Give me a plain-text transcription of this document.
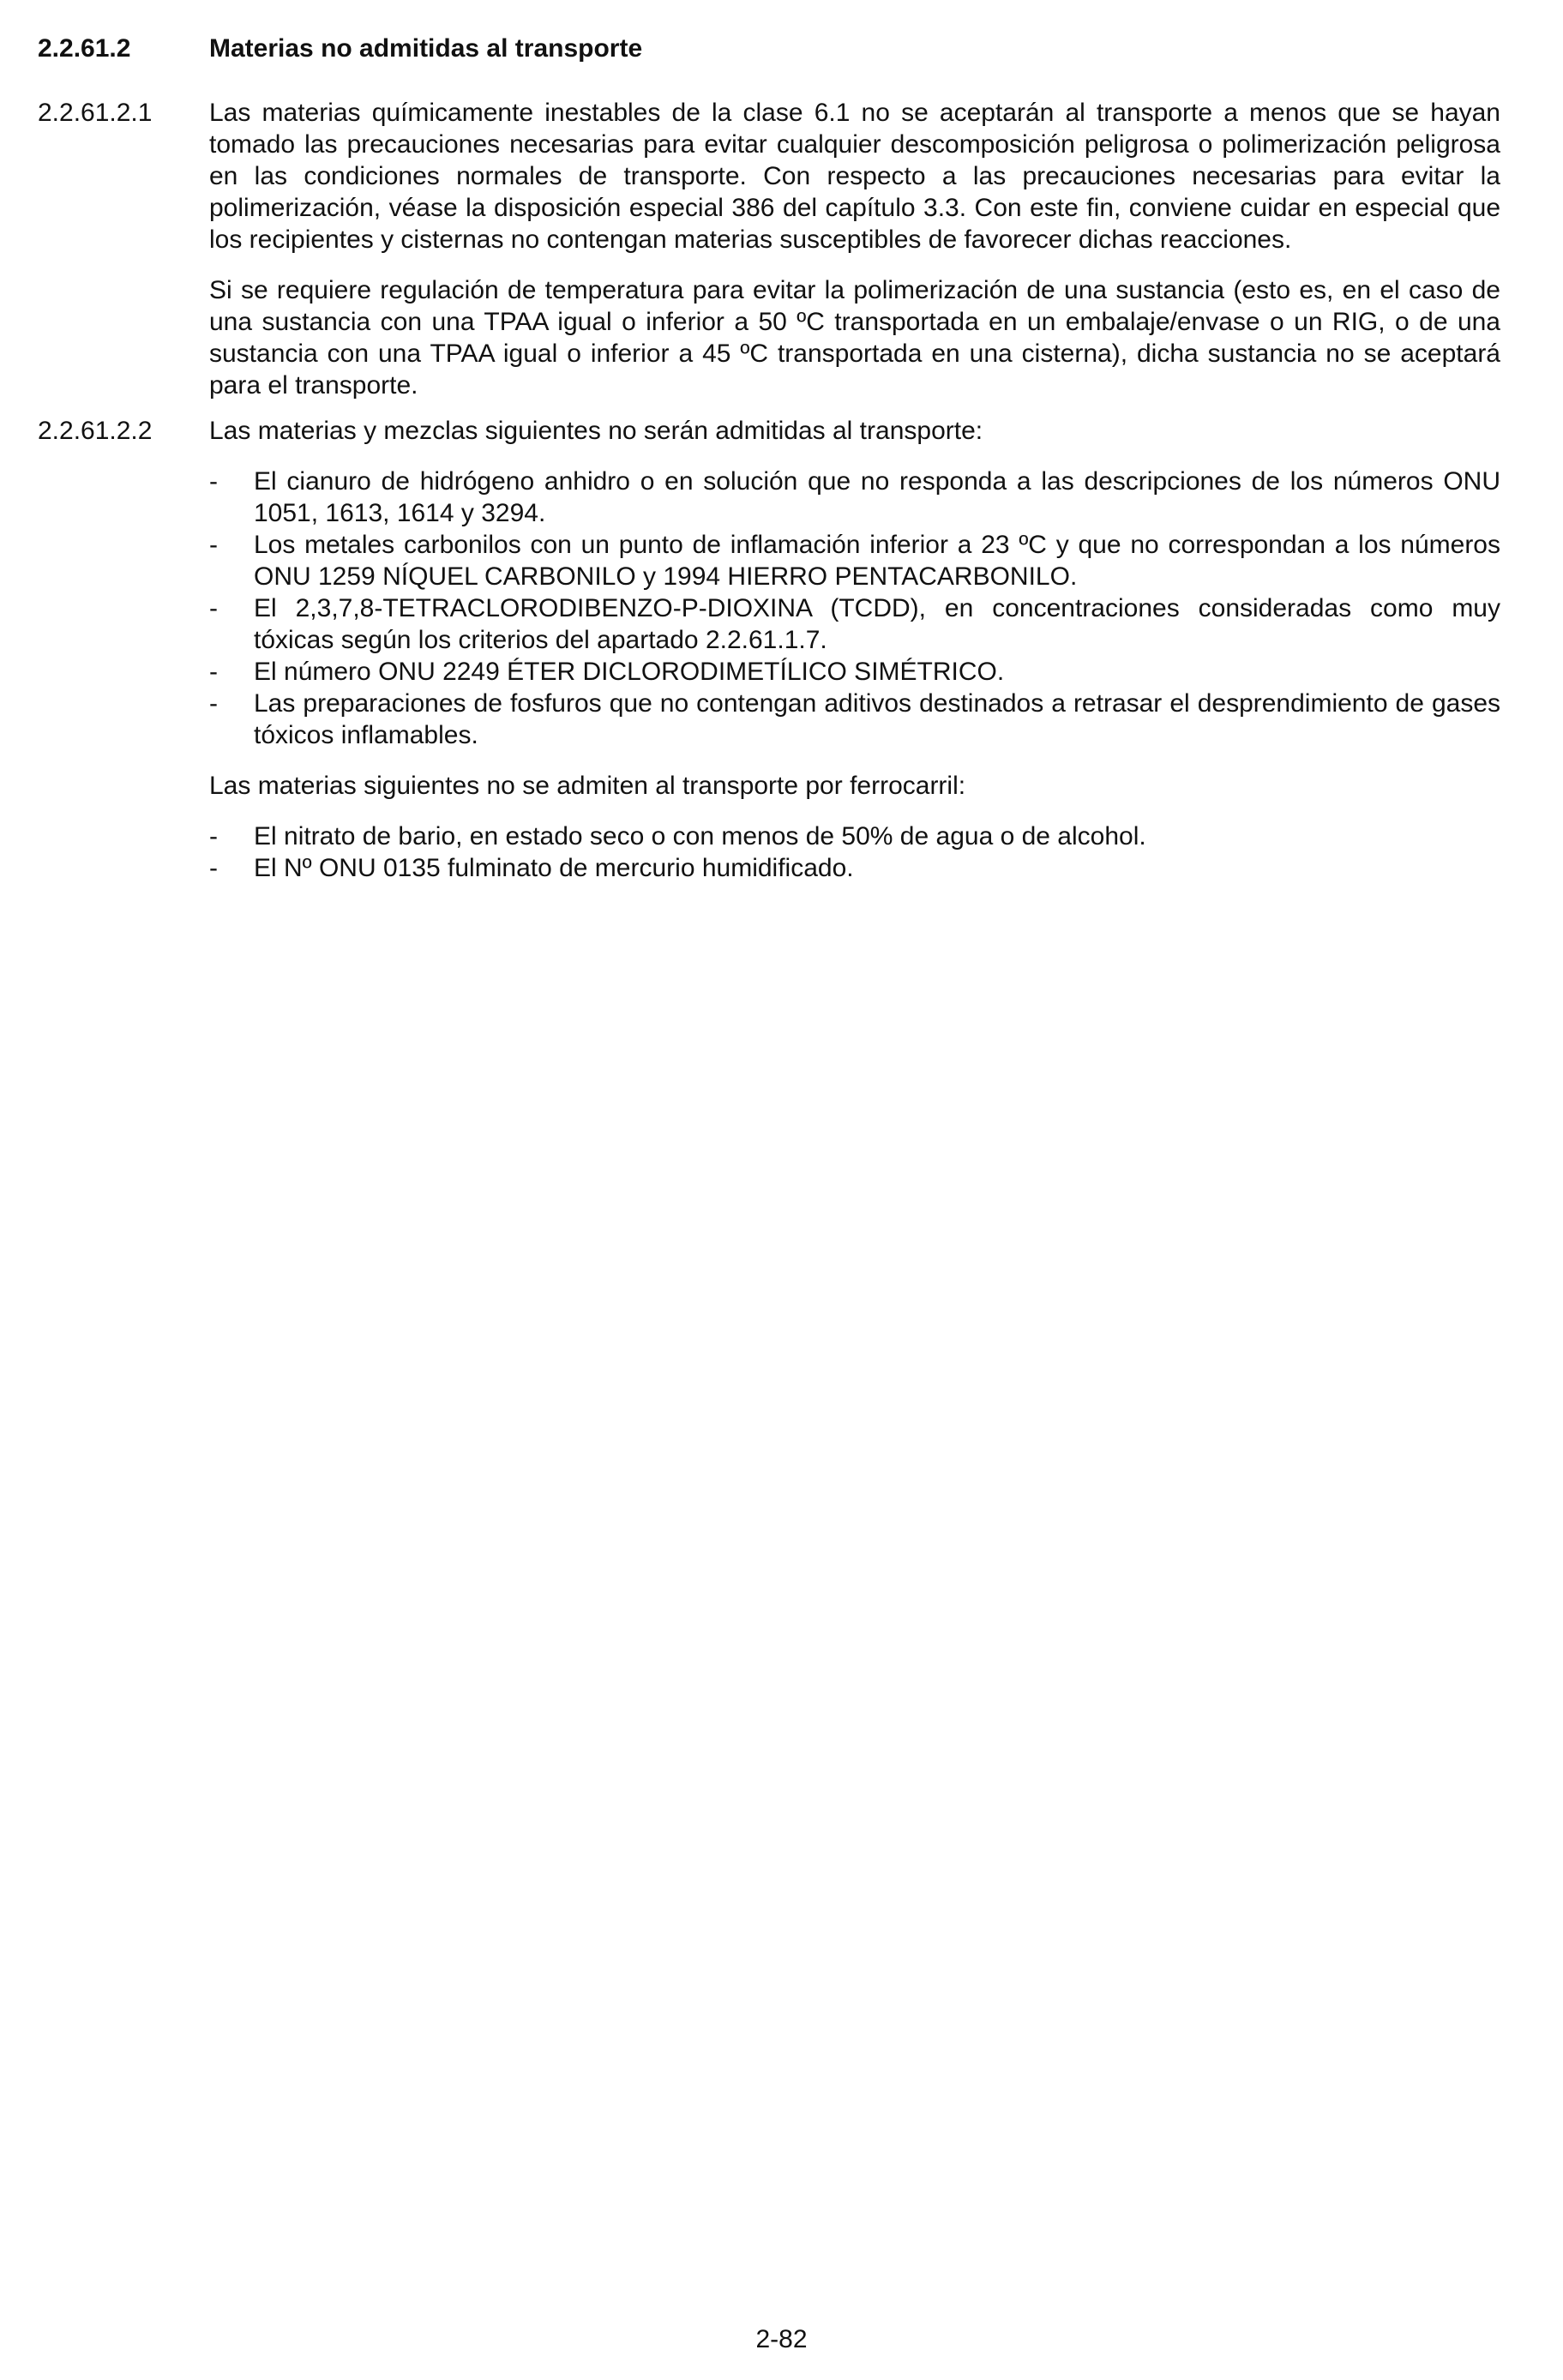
2.2.61.2	Materias no admitidas al transporte
2.2.61.2.1 Las materias químicamente inestables de la clase 6.1 no se aceptarán al transporte a menos que se hayan tomado las precauciones necesarias para evitar cualquier descomposición peligrosa o polimerización peligrosa en las condiciones normales de transporte. Con respecto a las precauciones necesarias para evitar la polimerización, véase la disposición especial 386 del capítulo 3.3. Con este fin, conviene cuidar en especial que los recipientes y cisternas no contengan materias susceptibles de favorecer dichas reacciones.

Si se requiere regulación de temperatura para evitar la polimerización de una sustancia (esto es, en el caso de una sustancia con una TPAA igual o inferior a 50 ºC transportada en un embalaje/envase o un RIG, o de una sustancia con una TPAA igual o inferior a 45 ºC transportada en una cisterna), dicha sustancia no se aceptará para el transporte.

2.2.61.2.2 Las materias y mezclas siguientes no serán admitidas al transporte:

- El cianuro de hidrógeno anhidro o en solución que no responda a las descripciones de los números ONU 1051, 1613, 1614 y 3294.
- Los metales carbonilos con un punto de inflamación inferior a 23 ºC y que no correspondan a los números ONU 1259 NÍQUEL CARBONILO y 1994 HIERRO PENTACARBONILO.
- El 2,3,7,8-TETRACLORODIBENZO-P-DIOXINA (TCDD), en concentraciones consideradas como muy tóxicas según los criterios del apartado 2.2.61.1.7.
- El número ONU 2249 ÉTER DICLORODIMETÍLICO SIMÉTRICO.
- Las preparaciones de fosfuros que no contengan aditivos destinados a retrasar el desprendimiento de gases tóxicos inflamables.

Las materias siguientes no se admiten al transporte por ferrocarril:

- El nitrato de bario, en estado seco o con menos de 50% de agua o de alcohol.
- El Nº ONU 0135 fulminato de mercurio humidificado.
2-82
